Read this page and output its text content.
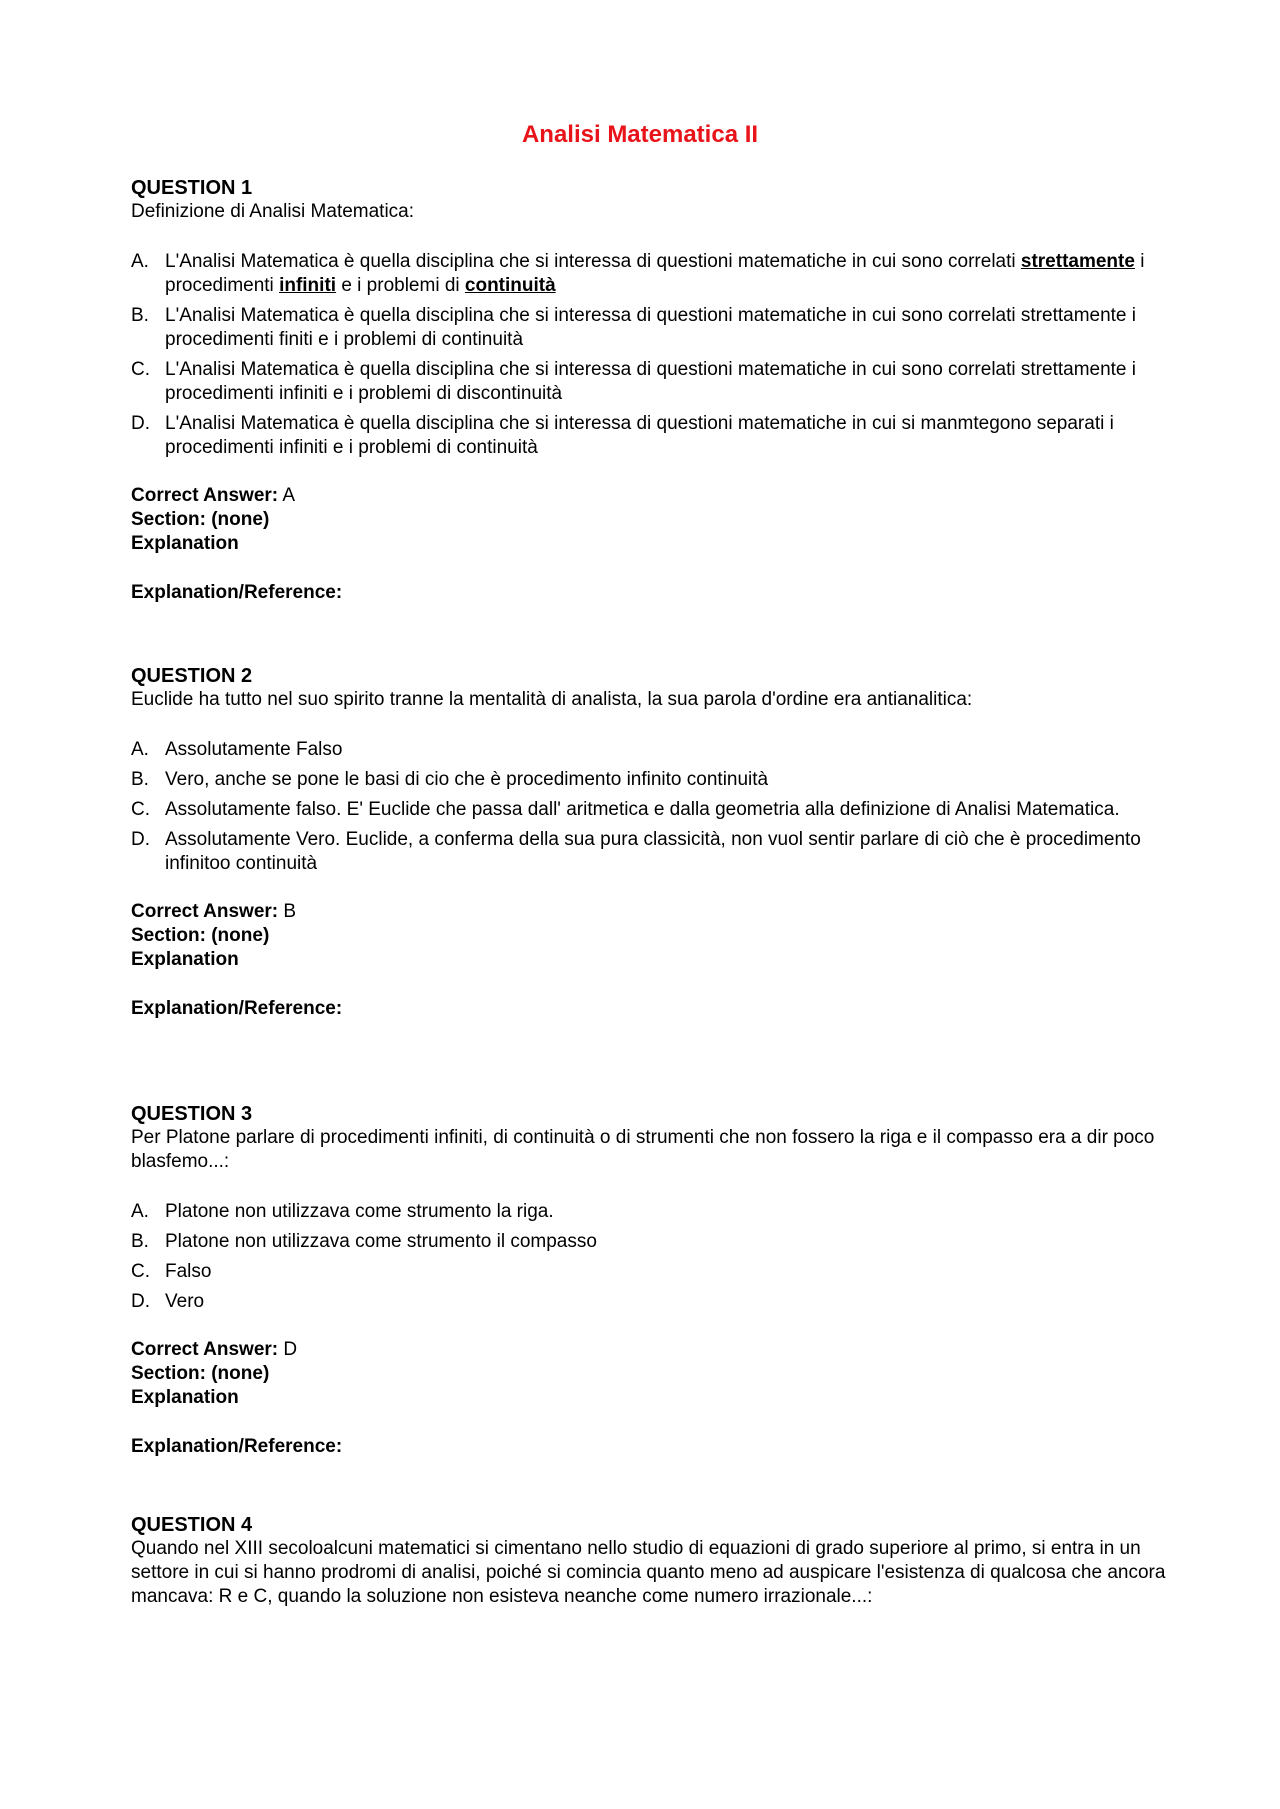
Analisi Matematica II
QUESTION 1

Definizione di Analisi Matematica:

A. L'Analisi Matematica è quella disciplina che si interessa di questioni matematiche in cui sono correlati strettamente i procedimenti infiniti e i problemi di continuità
B. L'Analisi Matematica è quella disciplina che si interessa di questioni matematiche in cui sono correlati strettamente i procedimenti finiti e i problemi di continuità
C. L'Analisi Matematica è quella disciplina che si interessa di questioni matematiche in cui sono correlati strettamente i procedimenti infiniti e i problemi di discontinuità
D. L'Analisi Matematica è quella disciplina che si interessa di questioni matematiche in cui si manmtegono separati i procedimenti infiniti e i problemi di continuità
Correct Answer: A
Section: (none)
Explanation
Explanation/Reference:
QUESTION 2

Euclide ha tutto nel suo spirito tranne la mentalità di analista, la sua parola d'ordine era antianalitica:

A. Assolutamente Falso
B. Vero, anche se pone le basi di cio che è procedimento infinito continuità
C. Assolutamente falso. E' Euclide che passa dall' aritmetica e dalla geometria alla definizione di Analisi Matematica.
D. Assolutamente Vero. Euclide, a conferma della sua pura classicità, non vuol sentir parlare di ciò che è procedimento infinitoo continuità
Correct Answer: B
Section: (none)
Explanation
Explanation/Reference:
QUESTION 3

Per Platone parlare di procedimenti infiniti, di continuità o di strumenti che non fossero la riga e il compasso era a dir poco blasfemo...:

A. Platone non utilizzava come strumento la riga.
B. Platone non utilizzava come strumento il compasso
C. Falso
D. Vero
Correct Answer: D
Section: (none)
Explanation
Explanation/Reference:
QUESTION 4

Quando nel XIII secoloalcuni matematici si cimentano nello studio di equazioni di grado superiore al primo, si entra in un settore in cui si hanno prodromi di analisi, poiché si comincia quanto meno ad auspicare l'esistenza di qualcosa che ancora mancava: R e C, quando la soluzione non esisteva neanche come numero irrazionale...:
